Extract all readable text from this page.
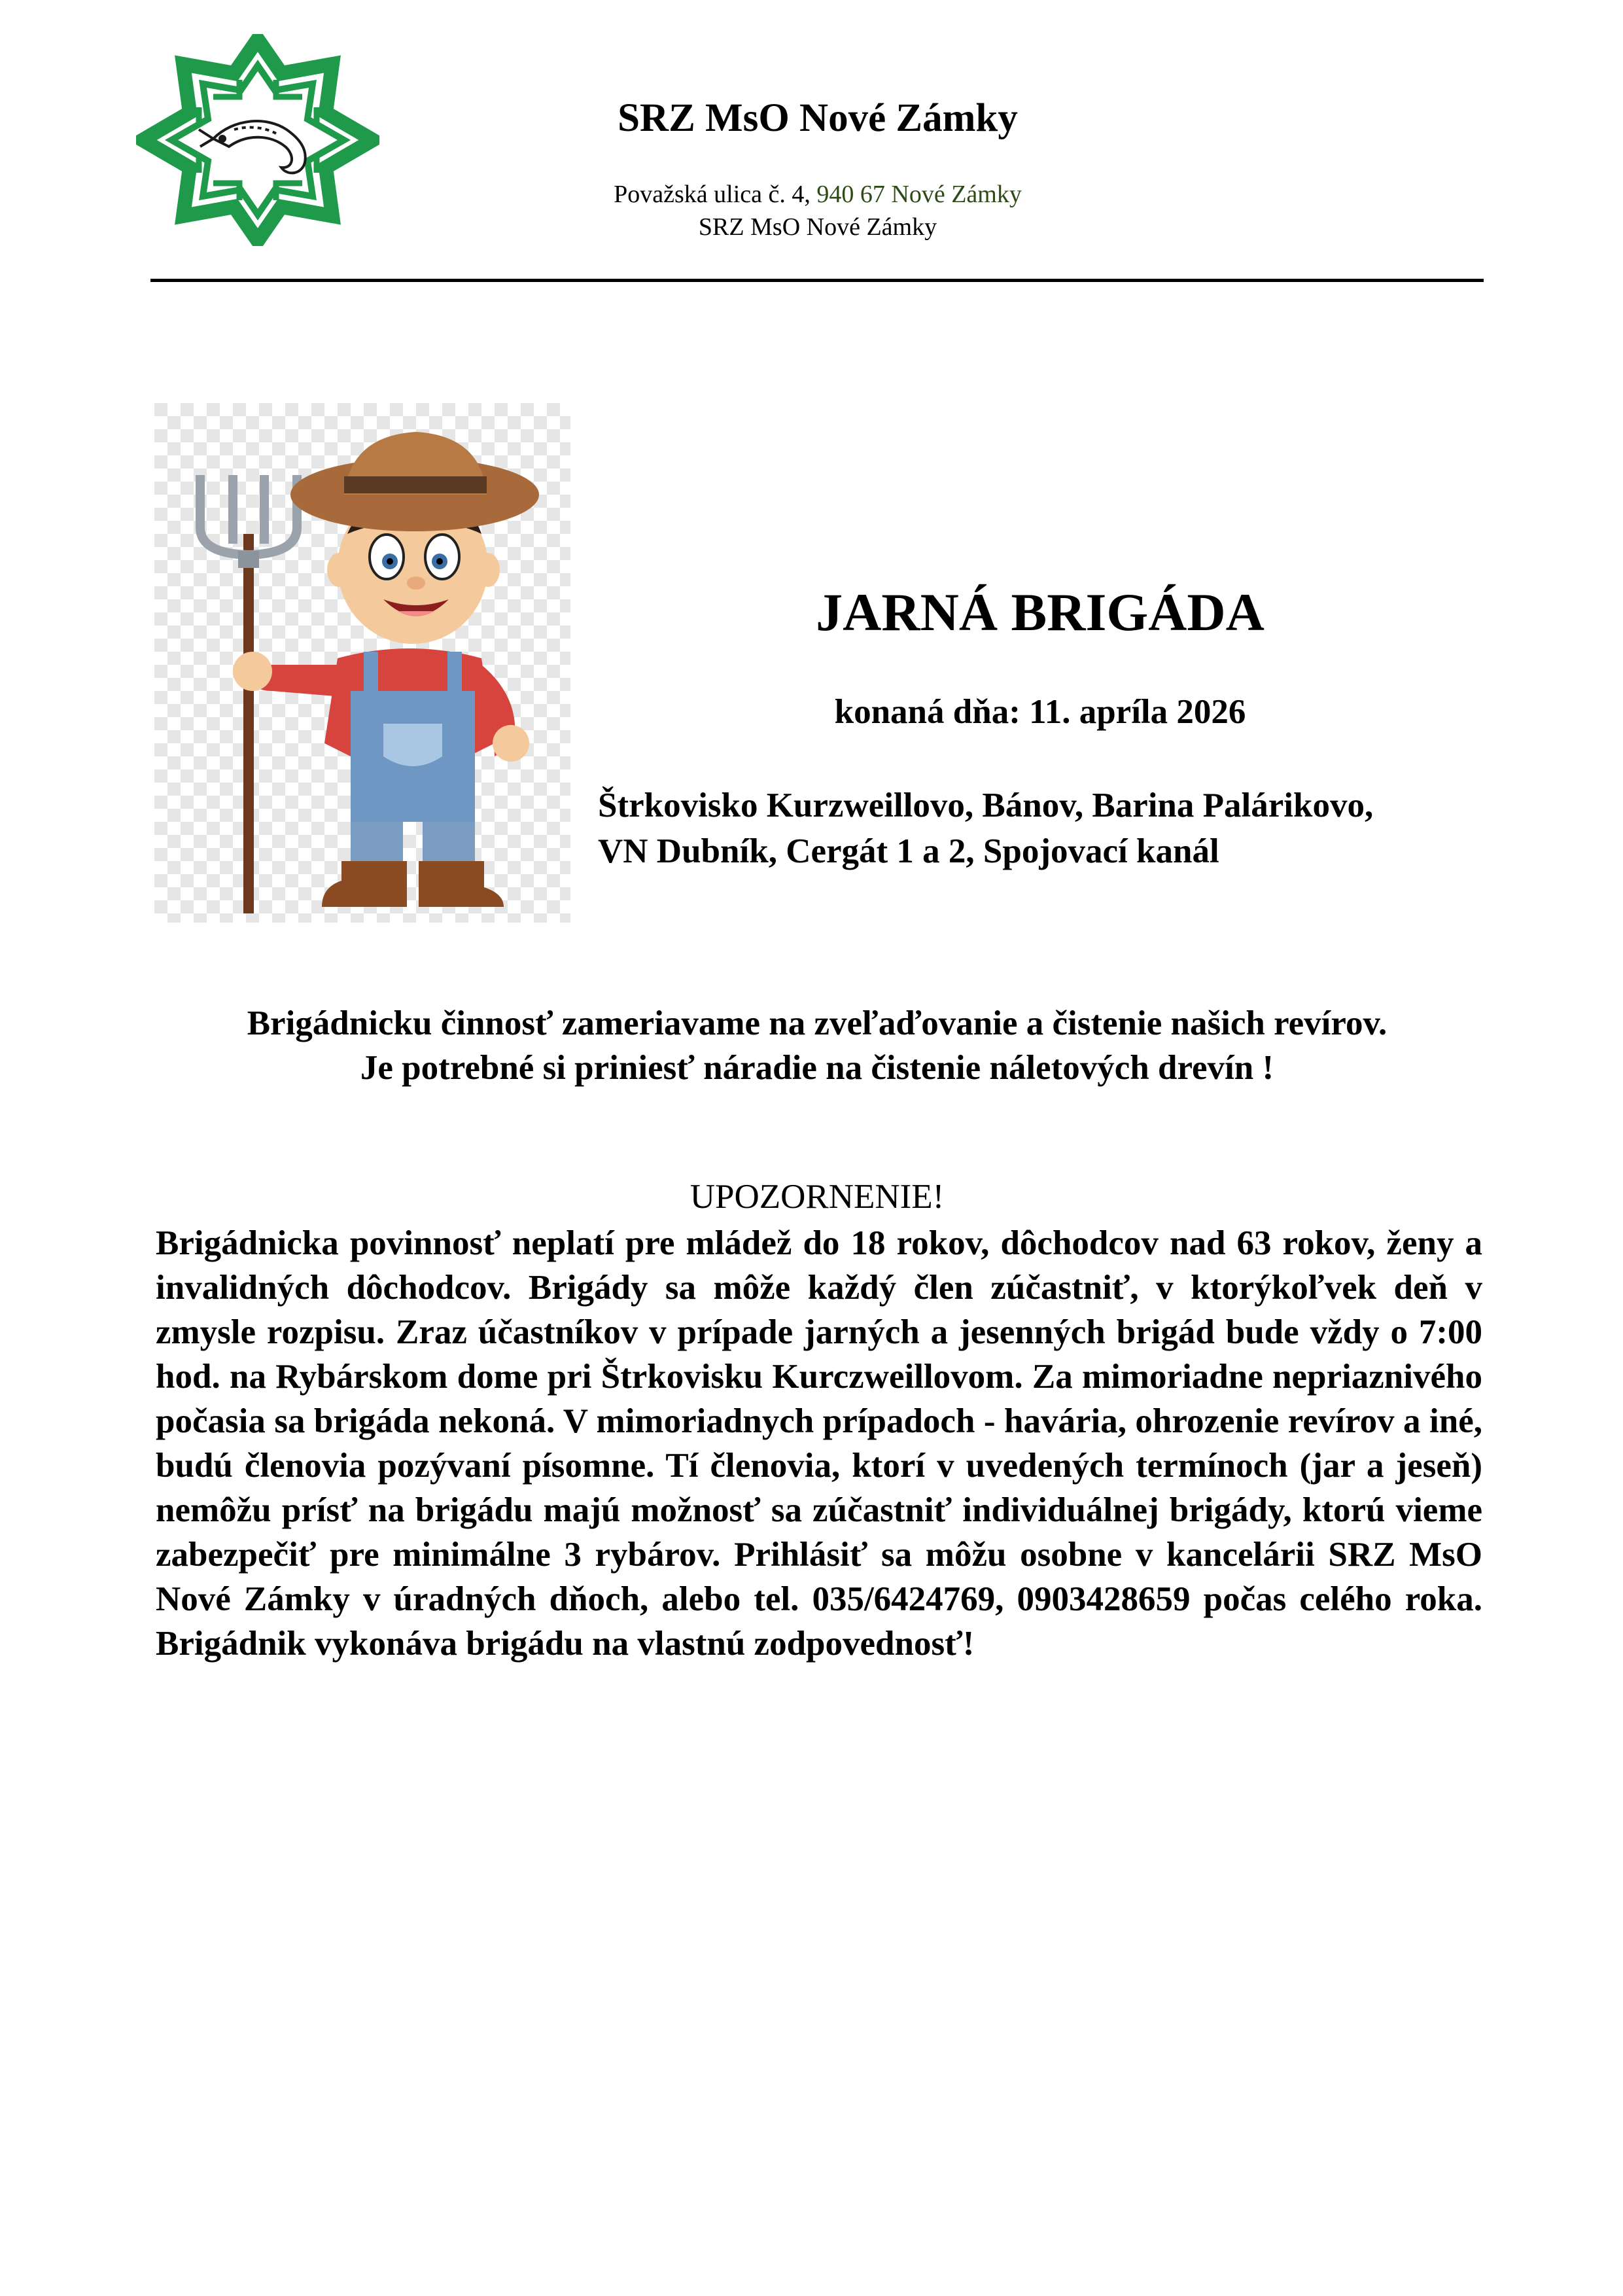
SRZ MsO Nové Zámky
Považská ulica č. 4, 940 67 Nové Zámky
SRZ MsO Nové Zámky
JARNÁ BRIGÁDA
konaná dňa: 11. apríla 2026
Štrkovisko Kurzweillovo, Bánov, Barina Palárikovo,
VN Dubník, Cergát 1 a 2, Spojovací kanál
Brigádnicku činnosť zameriavame na zveľaďovanie a čistenie našich revírov.
Je potrebné si priniesť náradie na čistenie náletových drevín !
UPOZORNENIE!
Brigádnicka povinnosť neplatí pre mládež do 18 rokov, dôchodcov nad 63 rokov, ženy a invalidných dôchodcov. Brigády sa môže každý člen zúčastniť, v ktorýkoľvek deň v zmysle rozpisu. Zraz účastníkov v prípade jarných a jesenných brigád bude vždy o 7:00 hod. na Rybárskom dome pri Štrkovisku Kurczweillovom. Za mimoriadne nepriaznivého počasia sa brigáda nekoná. V mimoriadnych prípadoch - havária, ohrozenie revírov a iné, budú členovia pozývaní písomne. Tí členovia, ktorí v uvedených termínoch (jar a jeseň) nemôžu prísť na brigádu majú možnosť sa zúčastniť individuálnej brigády, ktorú vieme zabezpečiť pre minimálne 3 rybárov. Prihlásiť sa môžu osobne v kancelárii SRZ MsO Nové Zámky v úradných dňoch, alebo tel. 035/6424769, 0903428659 počas celého roka. Brigádnik vykonáva brigádu na vlastnú zodpovednosť!
